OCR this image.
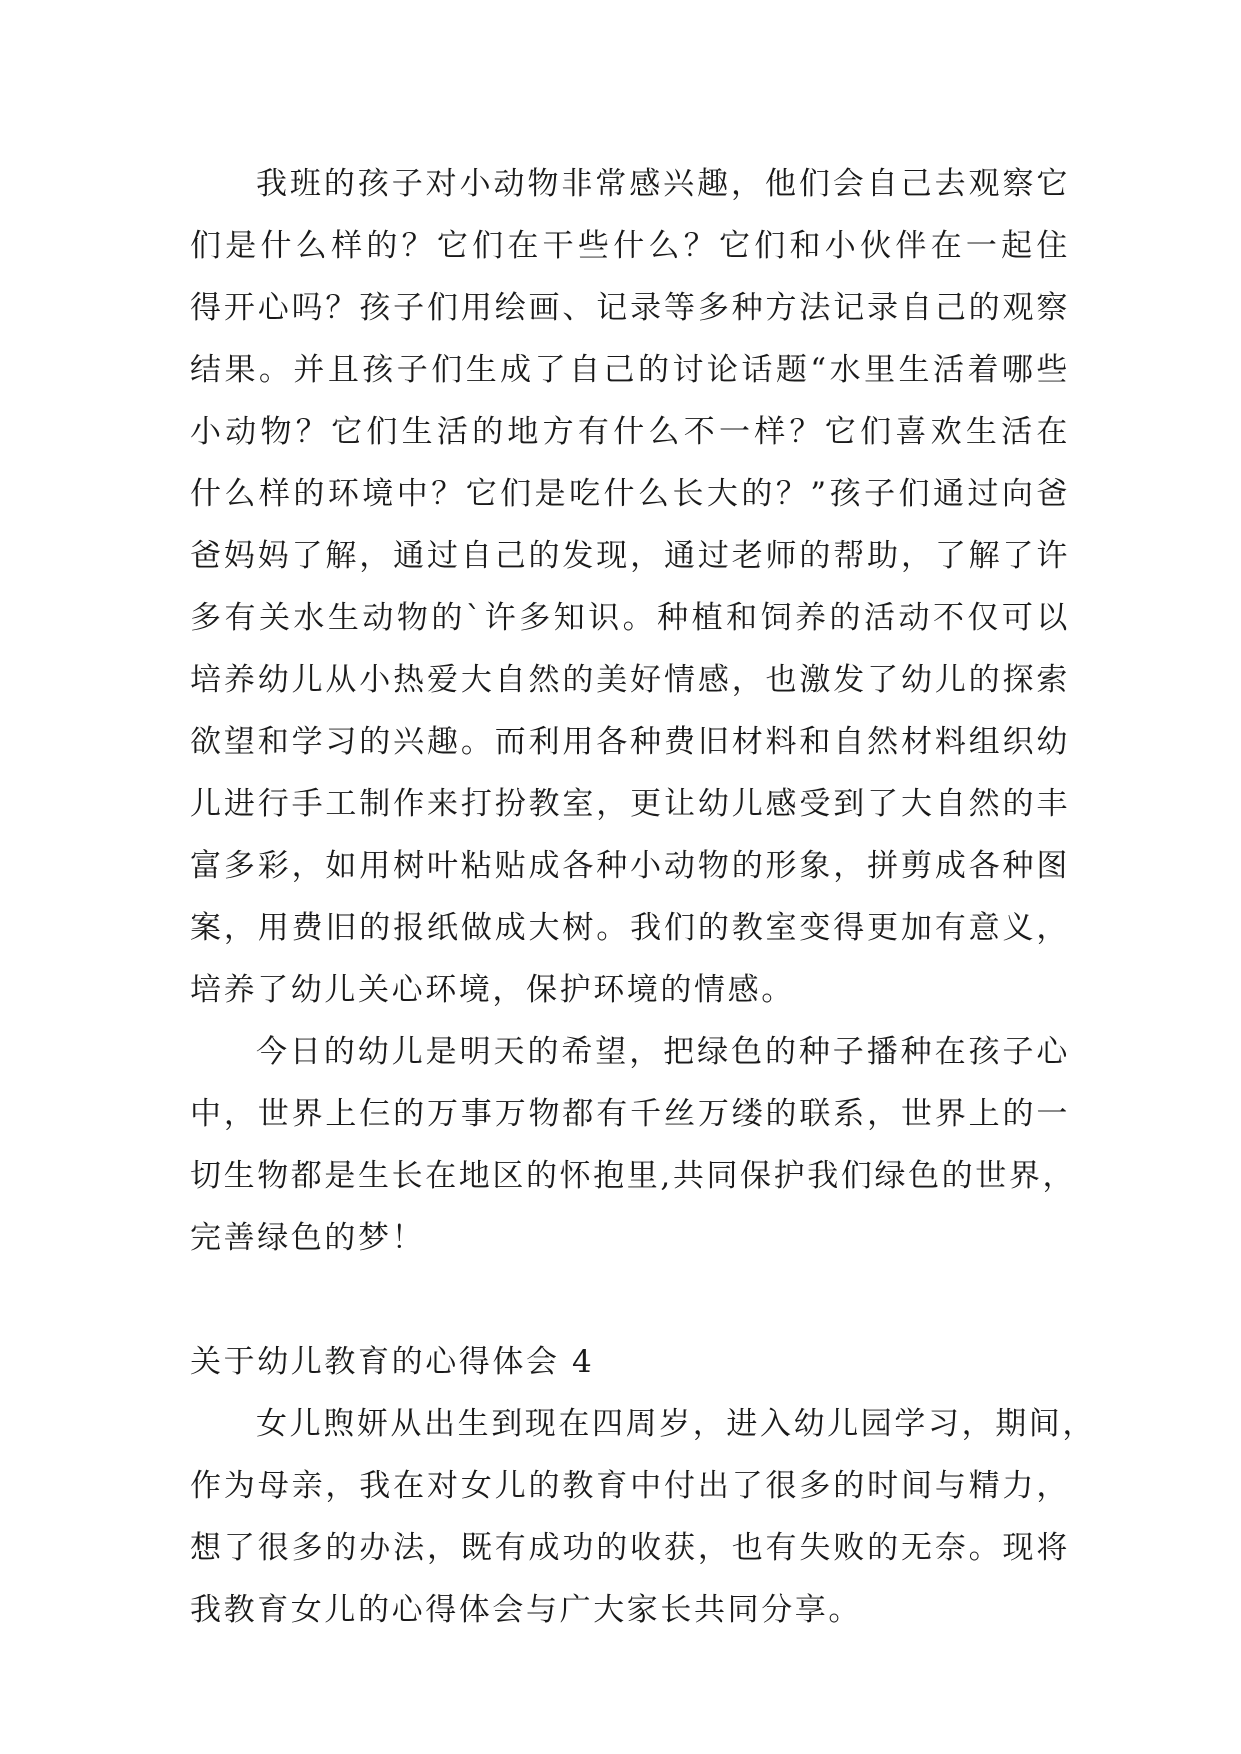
我班的孩子对小动物非常感兴趣，他们会自己去观察它
们是什么样的？它们在干些什么？它们和小伙伴在一起住
得开心吗？孩子们用绘画、记录等多种方法记录自己的观察
结果。并且孩子们生成了自己的讨论话题“水里生活着哪些
小动物？它们生活的地方有什么不一样？它们喜欢生活在
什么样的环境中？它们是吃什么长大的？”孩子们通过向爸
爸妈妈了解，通过自己的发现，通过老师的帮助，了解了许
多有关水生动物的`许多知识。种植和饲养的活动不仅可以
培养幼儿从小热爱大自然的美好情感，也激发了幼儿的探索
欲望和学习的兴趣。而利用各种费旧材料和自然材料组织幼
儿进行手工制作来打扮教室，更让幼儿感受到了大自然的丰
富多彩，如用树叶粘贴成各种小动物的形象，拼剪成各种图
案，用费旧的报纸做成大树。我们的教室变得更加有意义，
培养了幼儿关心环境，保护环境的情感。
今日的幼儿是明天的希望，把绿色的种子播种在孩子心
中，世界上仨的万事万物都有千丝万缕的联系，世界上的一
切生物都是生长在地区的怀抱里,共同保护我们绿色的世界，
完善绿色的梦！
关于幼儿教育的心得体会 4
女儿煦妍从出生到现在四周岁，进入幼儿园学习，期间，
作为母亲，我在对女儿的教育中付出了很多的时间与精力，
想了很多的办法，既有成功的收获，也有失败的无奈。现将
我教育女儿的心得体会与广大家长共同分享。
